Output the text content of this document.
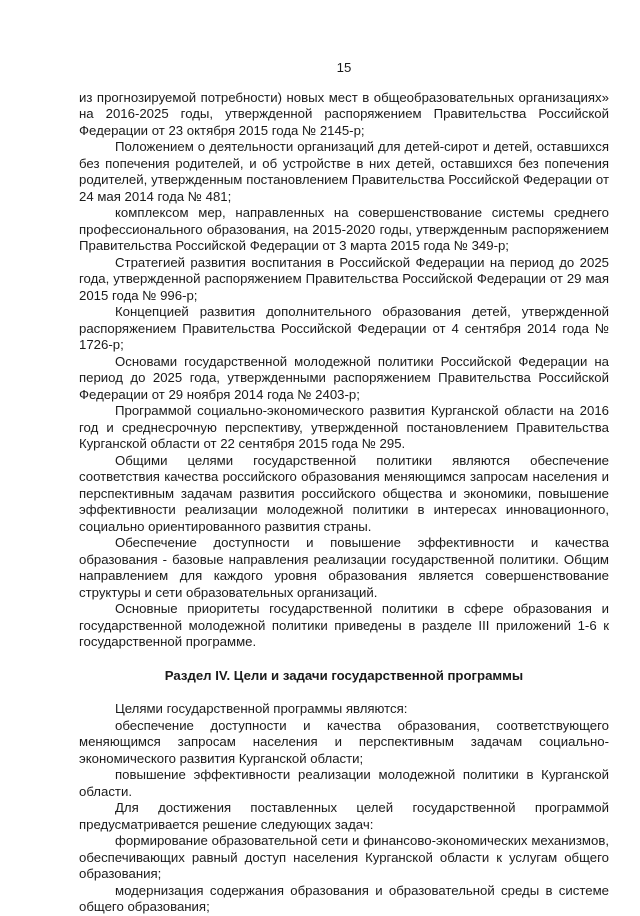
15

из прогнозируемой потребности) новых мест в общеобразовательных организациях» на 2016-2025 годы, утвержденной распоряжением Правительства Российской Федерации от 23 октября 2015 года № 2145-р;

Положением о деятельности организаций для детей-сирот и детей, оставшихся без попечения родителей, и об устройстве в них детей, оставшихся без попечения родителей, утвержденным постановлением Правительства Российской Федерации от 24 мая 2014 года № 481;

комплексом мер, направленных на совершенствование системы среднего профессионального образования, на 2015-2020 годы, утвержденным распоряжением Правительства Российской Федерации от 3 марта 2015 года № 349-р;

Стратегией развития воспитания в Российской Федерации на период до 2025 года, утвержденной распоряжением Правительства Российской Федерации от 29 мая 2015 года № 996-р;

Концепцией развития дополнительного образования детей, утвержденной распоряжением Правительства Российской Федерации от 4 сентября 2014 года № 1726-р;

Основами государственной молодежной политики Российской Федерации на период до 2025 года, утвержденными распоряжением Правительства Российской Федерации от 29 ноября 2014 года № 2403-р;

Программой социально-экономического развития Курганской области на 2016 год и среднесрочную перспективу, утвержденной постановлением Правительства Курганской области от 22 сентября 2015 года № 295.

Общими целями государственной политики являются обеспечение соответствия качества российского образования меняющимся запросам населения и перспективным задачам развития российского общества и экономики, повышение эффективности реализации молодежной политики в интересах инновационного, социально ориентированного развития страны.

Обеспечение доступности и повышение эффективности и качества образования - базовые направления реализации государственной политики. Общим направлением для каждого уровня образования является совершенствование структуры и сети образовательных организаций.

Основные приоритеты государственной политики в сфере образования и государственной молодежной политики приведены в разделе III приложений 1-6 к государственной программе.

Раздел IV. Цели и задачи государственной программы

Целями государственной программы являются:

обеспечение доступности и качества образования, соответствующего меняющимся запросам населения и перспективным задачам социально-экономического развития Курганской области;

повышение эффективности реализации молодежной политики в Курганской области.

Для достижения поставленных целей государственной программой предусматривается решение следующих задач:

формирование образовательной сети и финансово-экономических механизмов, обеспечивающих равный доступ населения Курганской области к услугам общего образования;

модернизация содержания образования и образовательной среды в системе общего образования;
